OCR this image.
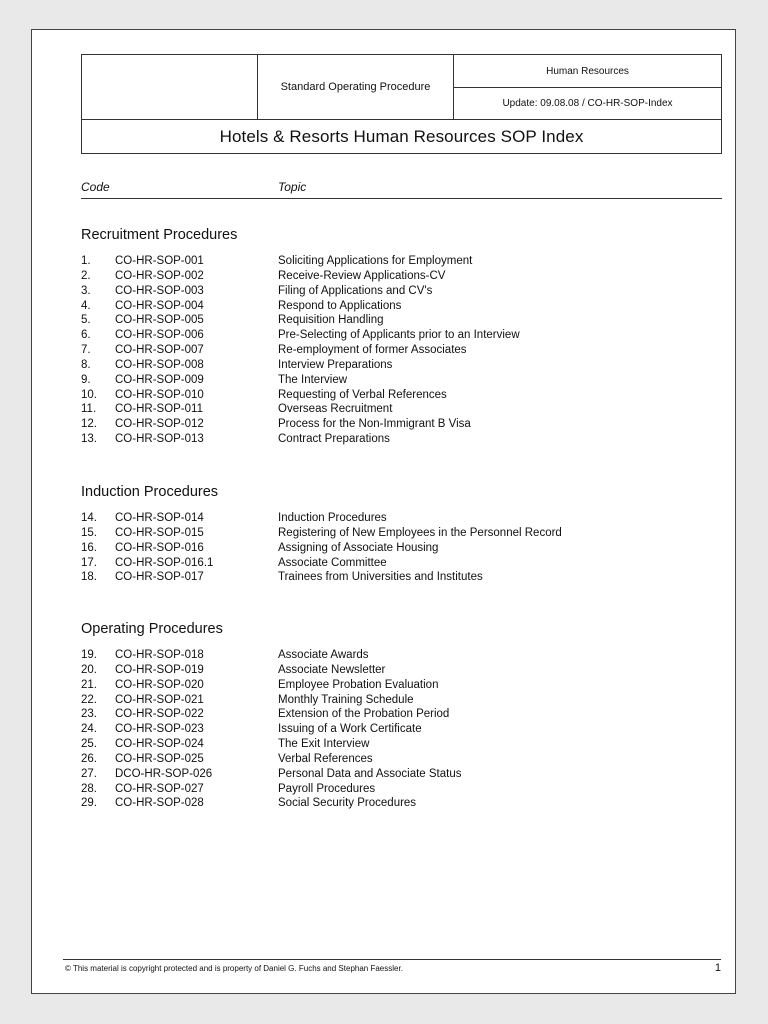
Standard Operating Procedure
Human Resources
Update: 09.08.08 / CO-HR-SOP-Index
Hotels & Resorts Human Resources SOP Index
Code	Topic
Recruitment Procedures
1. CO-HR-SOP-001	Soliciting Applications for Employment
2. CO-HR-SOP-002	Receive-Review Applications-CV
3. CO-HR-SOP-003	Filing of Applications and CV's
4. CO-HR-SOP-004	Respond to Applications
5. CO-HR-SOP-005	Requisition Handling
6. CO-HR-SOP-006	Pre-Selecting of Applicants prior to an Interview
7. CO-HR-SOP-007	Re-employment of former Associates
8. CO-HR-SOP-008	Interview Preparations
9. CO-HR-SOP-009	The Interview
10. CO-HR-SOP-010	Requesting of Verbal References
11. CO-HR-SOP-011	Overseas Recruitment
12. CO-HR-SOP-012	Process for the Non-Immigrant B Visa
13. CO-HR-SOP-013	Contract Preparations
Induction Procedures
14. CO-HR-SOP-014	Induction Procedures
15. CO-HR-SOP-015	Registering of New Employees in the Personnel Record
16. CO-HR-SOP-016	Assigning of Associate Housing
17. CO-HR-SOP-016.1	Associate Committee
18. CO-HR-SOP-017	Trainees from Universities and Institutes
Operating Procedures
19. CO-HR-SOP-018	Associate Awards
20. CO-HR-SOP-019	Associate Newsletter
21. CO-HR-SOP-020	Employee Probation Evaluation
22. CO-HR-SOP-021	Monthly Training Schedule
23. CO-HR-SOP-022	Extension of the Probation Period
24. CO-HR-SOP-023	Issuing of a Work Certificate
25. CO-HR-SOP-024	The Exit Interview
26. CO-HR-SOP-025	Verbal References
27. DCO-HR-SOP-026	Personal Data and Associate Status
28. CO-HR-SOP-027	Payroll Procedures
29. CO-HR-SOP-028	Social Security Procedures
© This material is copyright protected and is property of Daniel G. Fuchs and Stephan Faessler.	1
